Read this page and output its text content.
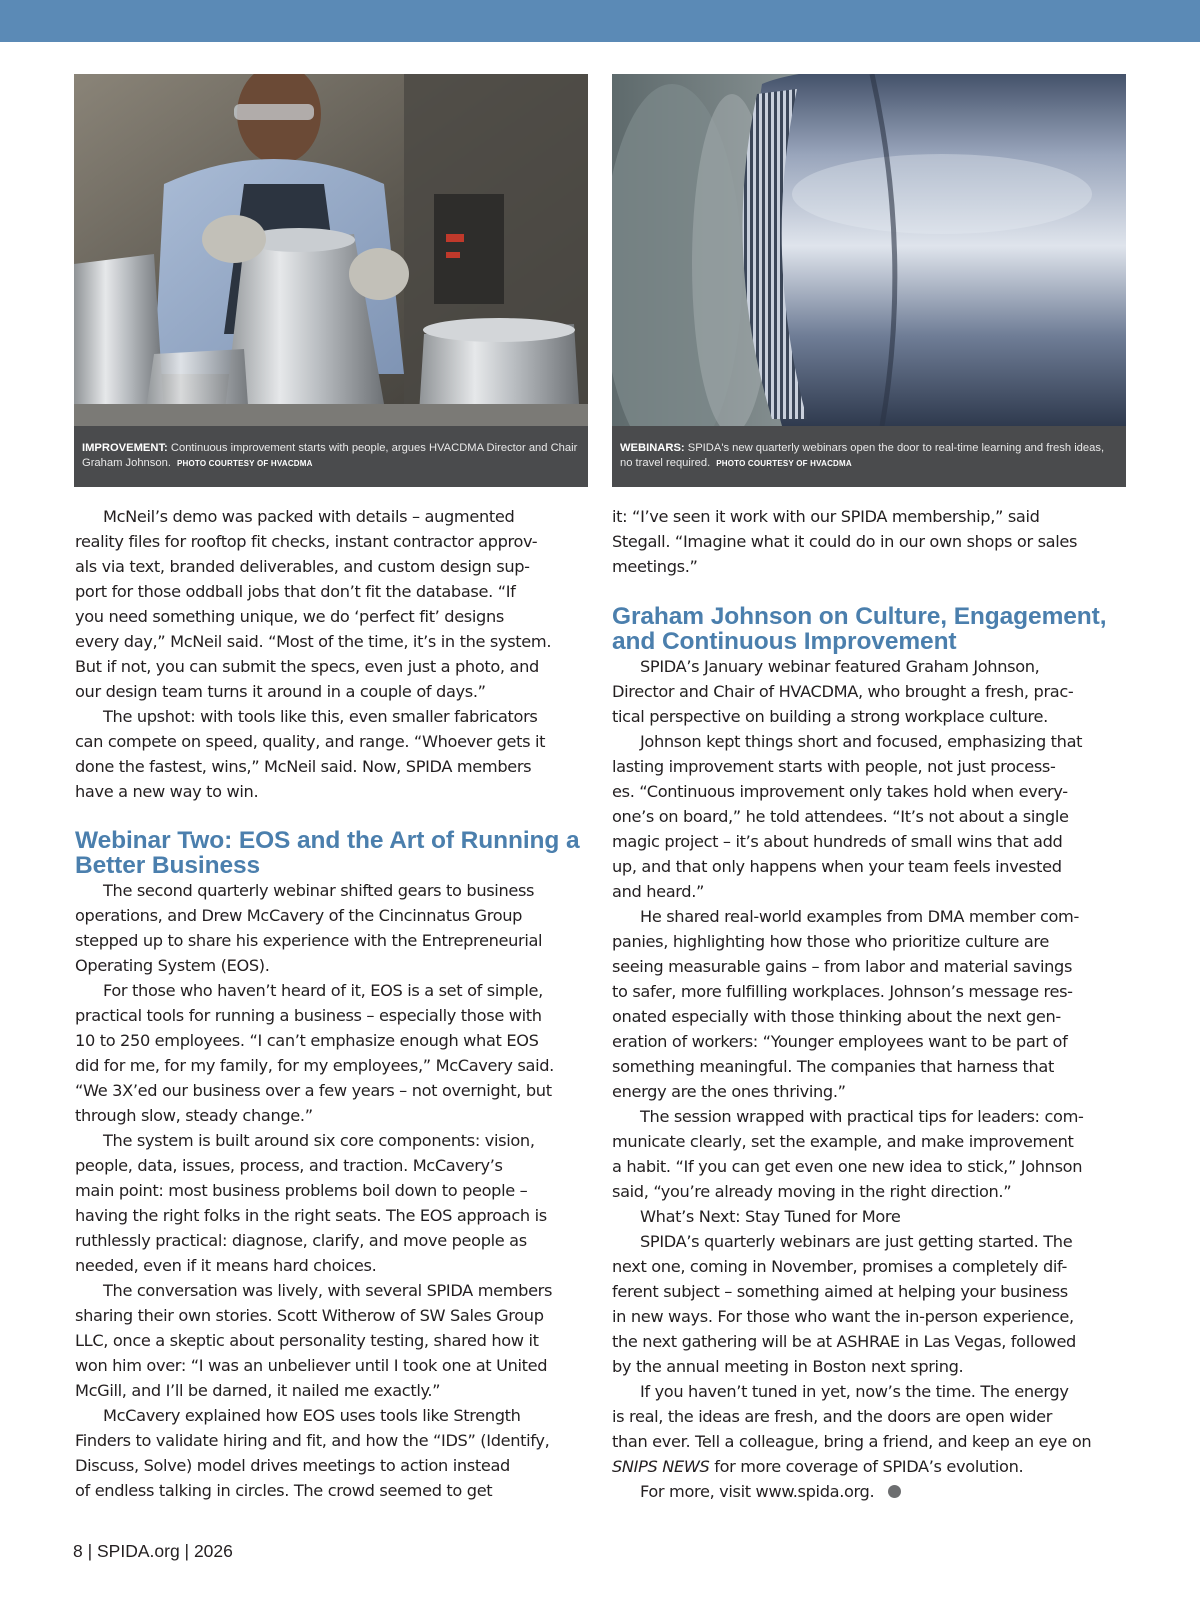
IMPROVEMENT: Continuous improvement starts with people, argues HVACDMA Director and Chair Graham Johnson. PHOTO COURTESY OF HVACDMA
WEBINARS: SPIDA's new quarterly webinars open the door to real-time learning and fresh ideas, no travel required. PHOTO COURTESY OF HVACDMA

McNeil’s demo was packed with details – augmented
reality files for rooftop fit checks, instant contractor approv-
als via text, branded deliverables, and custom design sup-
port for those oddball jobs that don’t fit the database. “If
you need something unique, we do ‘perfect fit’ designs
every day,” McNeil said. “Most of the time, it’s in the system.
But if not, you can submit the specs, even just a photo, and
our design team turns it around in a couple of days.”

The upshot: with tools like this, even smaller fabricators
can compete on speed, quality, and range. “Whoever gets it
done the fastest, wins,” McNeil said. Now, SPIDA members
have a new way to win.

Webinar Two: EOS and the Art of Running a
Better Business

The second quarterly webinar shifted gears to business
operations, and Drew McCavery of the Cincinnatus Group
stepped up to share his experience with the Entrepreneurial
Operating System (EOS).

For those who haven’t heard of it, EOS is a set of simple,
practical tools for running a business – especially those with
10 to 250 employees. “I can’t emphasize enough what EOS
did for me, for my family, for my employees,” McCavery said.
“We 3X’ed our business over a few years – not overnight, but
through slow, steady change.”

The system is built around six core components: vision,
people, data, issues, process, and traction. McCavery’s
main point: most business problems boil down to people –
having the right folks in the right seats. The EOS approach is
ruthlessly practical: diagnose, clarify, and move people as
needed, even if it means hard choices.

The conversation was lively, with several SPIDA members
sharing their own stories. Scott Witherow of SW Sales Group
LLC, once a skeptic about personality testing, shared how it
won him over: “I was an unbeliever until I took one at United
McGill, and I’ll be darned, it nailed me exactly.”

McCavery explained how EOS uses tools like Strength
Finders to validate hiring and fit, and how the “IDS” (Identify,
Discuss, Solve) model drives meetings to action instead
of endless talking in circles. The crowd seemed to get

it: “I’ve seen it work with our SPIDA membership,” said
Stegall. “Imagine what it could do in our own shops or sales
meetings.”

Graham Johnson on Culture, Engagement,
and Continuous Improvement

SPIDA’s January webinar featured Graham Johnson,
Director and Chair of HVACDMA, who brought a fresh, prac-
tical perspective on building a strong workplace culture.

Johnson kept things short and focused, emphasizing that
lasting improvement starts with people, not just process-
es. “Continuous improvement only takes hold when every-
one’s on board,” he told attendees. “It’s not about a single
magic project – it’s about hundreds of small wins that add
up, and that only happens when your team feels invested
and heard.”

He shared real-world examples from DMA member com-
panies, highlighting how those who prioritize culture are
seeing measurable gains – from labor and material savings
to safer, more fulfilling workplaces. Johnson’s message res-
onated especially with those thinking about the next gen-
eration of workers: “Younger employees want to be part of
something meaningful. The companies that harness that
energy are the ones thriving.”

The session wrapped with practical tips for leaders: com-
municate clearly, set the example, and make improvement
a habit. “If you can get even one new idea to stick,” Johnson
said, “you’re already moving in the right direction.”

What’s Next: Stay Tuned for More

SPIDA’s quarterly webinars are just getting started. The
next one, coming in November, promises a completely dif-
ferent subject – something aimed at helping your business
in new ways. For those who want the in-person experience,
the next gathering will be at ASHRAE in Las Vegas, followed
by the annual meeting in Boston next spring.

If you haven’t tuned in yet, now’s the time. The energy
is real, the ideas are fresh, and the doors are open wider
than ever. Tell a colleague, bring a friend, and keep an eye on
SNIPS NEWS for more coverage of SPIDA’s evolution.

For more, visit www.spida.org.

8 | SPIDA.org | 2026
